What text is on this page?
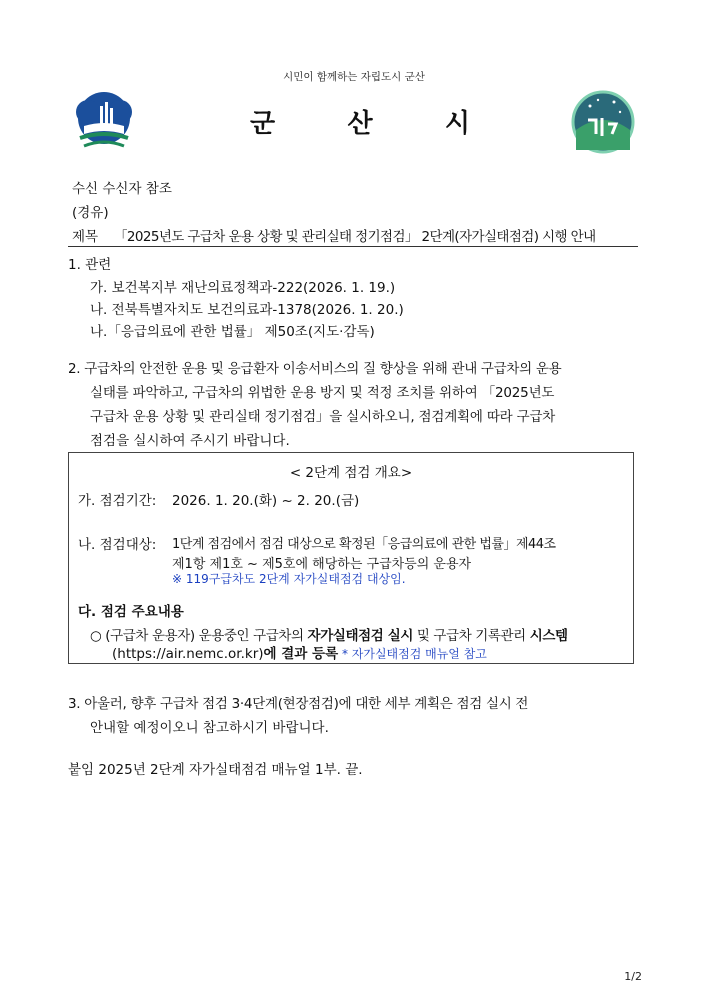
시민이 함께하는 자립도시 군산
군	산	시
수신 수신자 참조
(경유)
제목 「2025년도 구급차 운용 상황 및 관리실태 정기점검」 2단계(자가실태점검) 시행 안내
1. 관련
가. 보건복지부 재난의료정책과-222(2026. 1. 19.)
나. 전북특별자치도 보건의료과-1378(2026. 1. 20.)
나.「응급의료에 관한 법률」 제50조(지도·감독)
2. 구급차의 안전한 운용 및 응급환자 이송서비스의 질 향상을 위해 관내 구급차의 운용
실태를 파악하고, 구급차의 위법한 운용 방지 및 적정 조치를 위하여 「2025년도
구급차 운용 상황 및 관리실태 정기점검」을 실시하오니, 점검계획에 따라 구급차
점검을 실시하여 주시기 바랍니다.
< 2단계 점검 개요>
가. 점검기간: 2026. 1. 20.(화) ~ 2. 20.(금)
나. 점검대상: 1단계 점검에서 점검 대상으로 확정된「응급의료에 관한 법률」제44조
제1항 제1호 ~ 제5호에 해당하는 구급차등의 운용자
※ 119구급차도 2단계 자가실태점검 대상임.
다. 점검 주요내용
○ (구급차 운용자) 운용중인 구급차의 자가실태점검 실시 및 구급차 기록관리 시스템
(https://air.nemc.or.kr)에 결과 등록 * 자가실태점검 매뉴얼 참고
3. 아울러, 향후 구급차 점검 3·4단계(현장점검)에 대한 세부 계획은 점검 실시 전
안내할 예정이오니 참고하시기 바랍니다.
붙임 2025년 2단계 자가실태점검 매뉴얼 1부. 끝.
1/2
